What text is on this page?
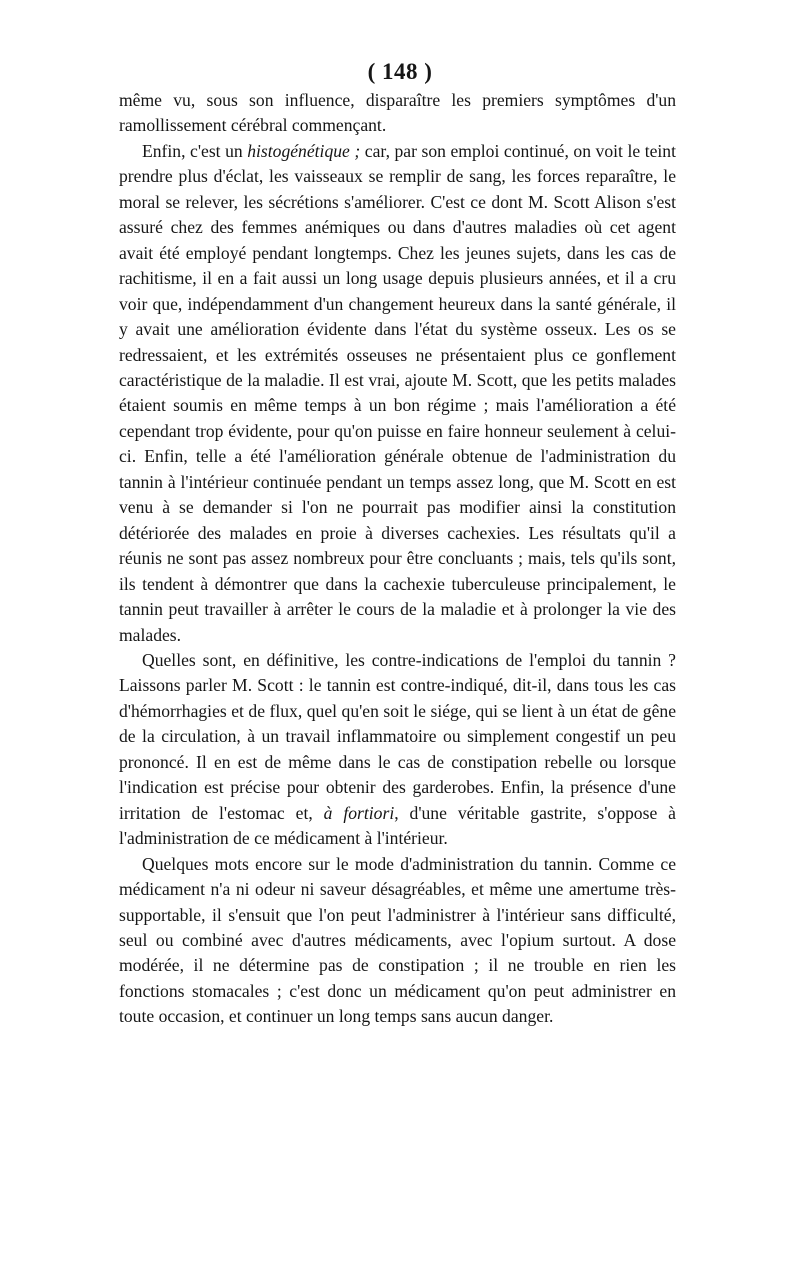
( 148 )

même vu, sous son influence, disparaître les premiers symptômes d'un ramollissement cérébral commençant.

Enfin, c'est un histogénétique ; car, par son emploi continué, on voit le teint prendre plus d'éclat, les vaisseaux se remplir de sang, les forces reparaître, le moral se relever, les sécrétions s'améliorer. C'est ce dont M. Scott Alison s'est assuré chez des femmes anémiques ou dans d'autres maladies où cet agent avait été employé pendant longtemps. Chez les jeunes sujets, dans les cas de rachitisme, il en a fait aussi un long usage depuis plusieurs années, et il a cru voir que, indépendamment d'un changement heureux dans la santé générale, il y avait une amélioration évidente dans l'état du système osseux. Les os se redressaient, et les extrémités osseuses ne présentaient plus ce gonflement caractéristique de la maladie. Il est vrai, ajoute M. Scott, que les petits malades étaient soumis en même temps à un bon régime ; mais l'amélioration a été cependant trop évidente, pour qu'on puisse en faire honneur seulement à celui-ci. Enfin, telle a été l'amélioration générale obtenue de l'administration du tannin à l'intérieur continuée pendant un temps assez long, que M. Scott en est venu à se demander si l'on ne pourrait pas modifier ainsi la constitution détériorée des malades en proie à diverses cachexies. Les résultats qu'il a réunis ne sont pas assez nombreux pour être concluants ; mais, tels qu'ils sont, ils tendent à démontrer que dans la cachexie tuberculeuse principalement, le tannin peut travailler à arrêter le cours de la maladie et à prolonger la vie des malades.

Quelles sont, en définitive, les contre-indications de l'emploi du tannin ? Laissons parler M. Scott : le tannin est contre-indiqué, dit-il, dans tous les cas d'hémorrhagies et de flux, quel qu'en soit le siége, qui se lient à un état de gêne de la circulation, à un travail inflammatoire ou simplement congestif un peu prononcé. Il en est de même dans le cas de constipation rebelle ou lorsque l'indication est précise pour obtenir des garderobes. Enfin, la présence d'une irritation de l'estomac et, à fortiori, d'une véritable gastrite, s'oppose à l'administration de ce médicament à l'intérieur.

Quelques mots encore sur le mode d'administration du tannin. Comme ce médicament n'a ni odeur ni saveur désagréables, et même une amertume très-supportable, il s'ensuit que l'on peut l'administrer à l'intérieur sans difficulté, seul ou combiné avec d'autres médicaments, avec l'opium surtout. A dose modérée, il ne détermine pas de constipation ; il ne trouble en rien les fonctions stomacales ; c'est donc un médicament qu'on peut administrer en toute occasion, et continuer un long temps sans aucun danger.
